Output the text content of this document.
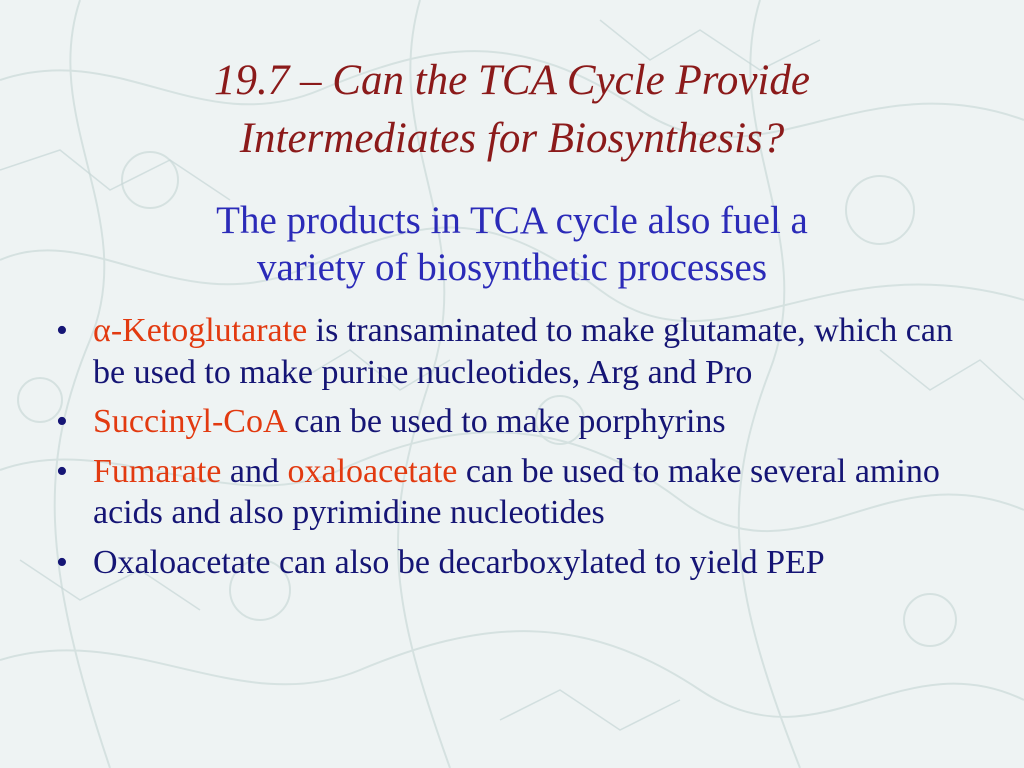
19.7 – Can the TCA Cycle Provide
Intermediates for Biosynthesis?
The products in TCA cycle also fuel a
variety of biosynthetic processes
• α-Ketoglutarate is transaminated to make glutamate, which can be used to make purine nucleotides, Arg and Pro
• Succinyl-CoA can be used to make porphyrins
• Fumarate and oxaloacetate can be used to make several amino acids and also pyrimidine nucleotides
• Oxaloacetate can also be decarboxylated to yield PEP
